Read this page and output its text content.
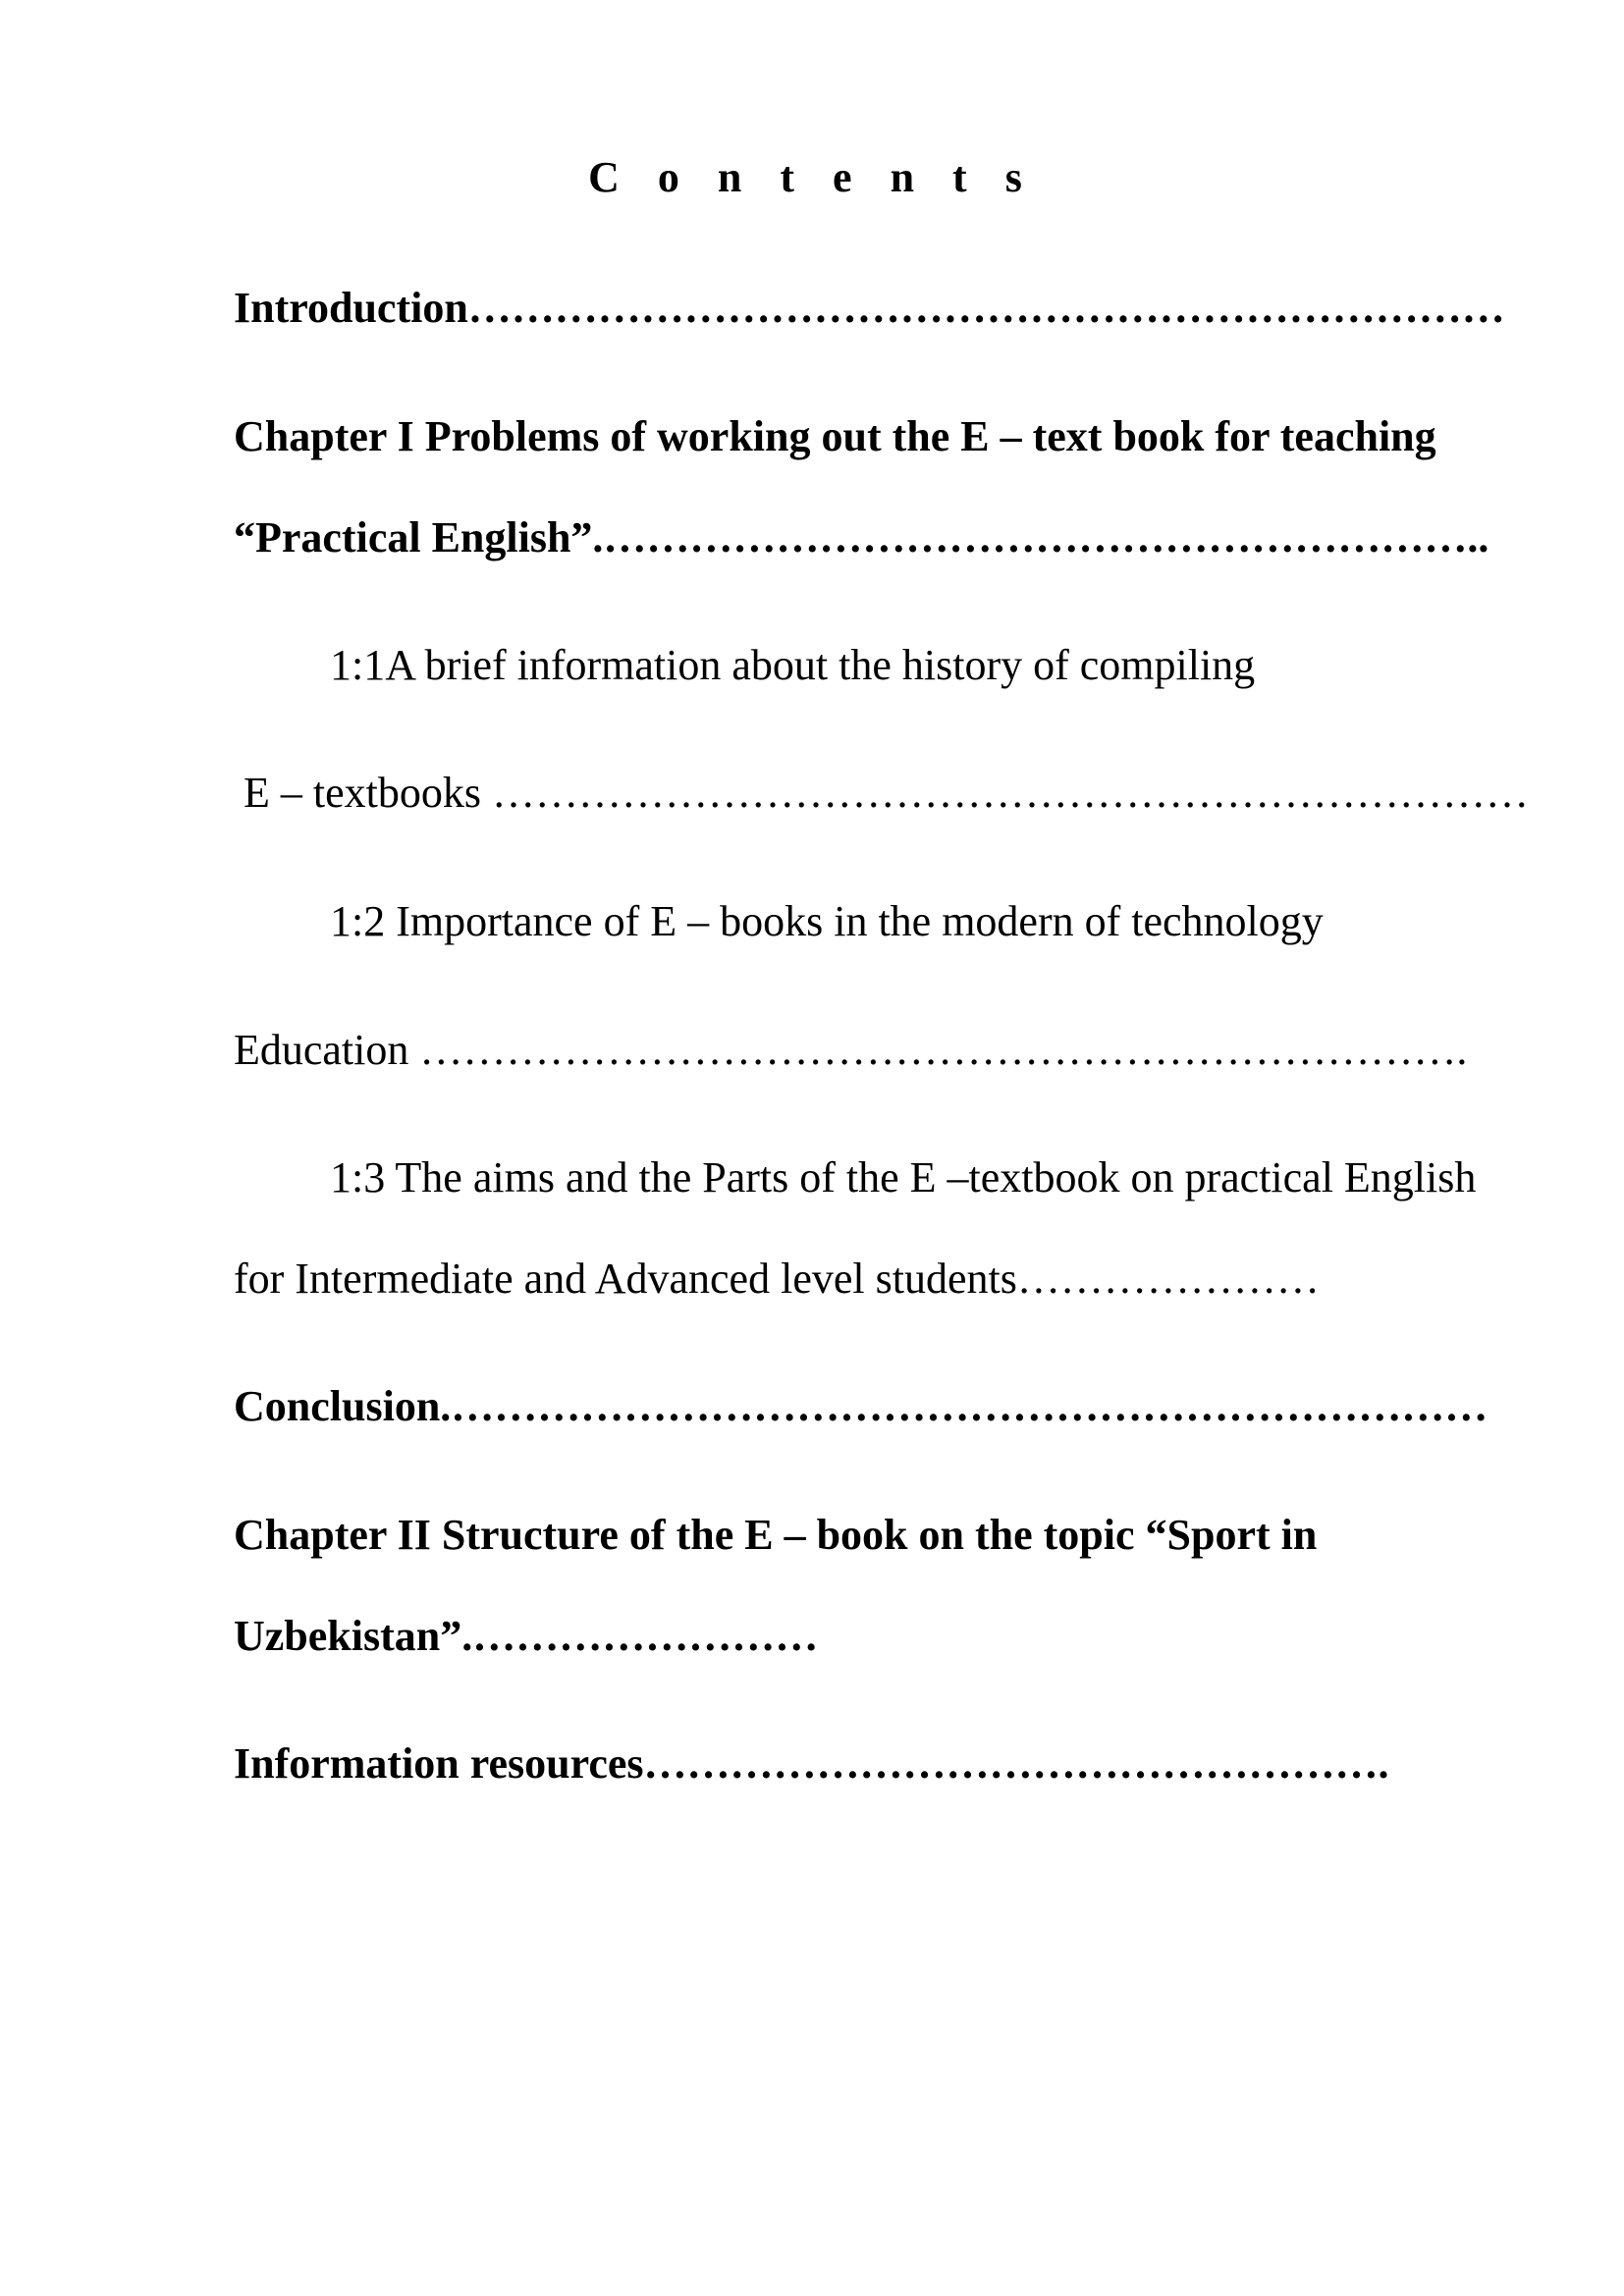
C o n t e n t s
Introduction………………………………………………………………
Chapter I Problems of working out the E – text book for teaching
“Practical English”.……………………………………………………..
1:1A brief information about the history of compiling
E – textbooks ………………………………………………………………
1:2 Importance of E – books in the modern of technology
Education ……………………………………………………………….
1:3 The aims and the Parts of the E –textbook on practical English
for Intermediate and Advanced level students…………………
Conclusion.………………………………………………………………
Chapter II Structure of the E – book on the topic “Sport in
Uzbekistan”.……………………
Information resources…………………………………………….
